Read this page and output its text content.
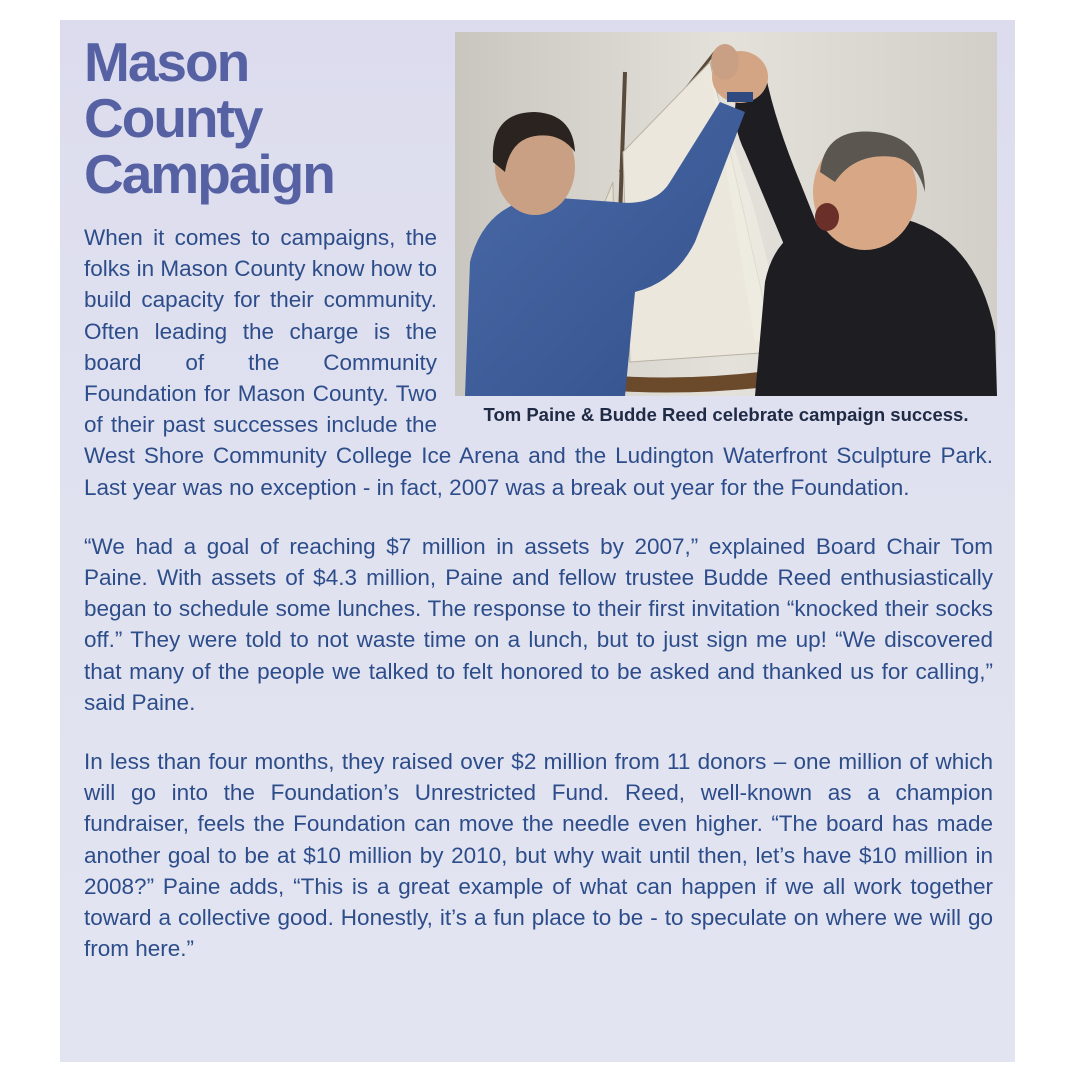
Tom Paine & Budde Reed celebrate campaign success.

Mason County
Campaign

When it comes to campaigns, the folks in Mason County know how to build capacity for their community. Often leading the charge is the board of the Community Foundation for Mason County. Two of their past successes include the West Shore Community College Ice Arena and the Ludington Waterfront Sculpture Park. Last year was no exception - in fact, 2007 was a break out year for the Foundation.

“We had a goal of reaching $7 million in assets by 2007,” explained Board Chair Tom Paine. With assets of $4.3 million, Paine and fellow trustee Budde Reed enthusiastically began to schedule some lunches. The response to their first invitation “knocked their socks off.” They were told to not waste time on a lunch, but to just sign me up! “We discovered that many of the people we talked to felt honored to be asked and thanked us for calling,” said Paine.

In less than four months, they raised over $2 million from 11 donors – one million of which will go into the Foundation’s Unrestricted Fund. Reed, well-known as a champion fundraiser, feels the Foundation can move the needle even higher. “The board has made another goal to be at $10 million by 2010, but why wait until then, let’s have $10 million in 2008?” Paine adds, “This is a great example of what can happen if we all work together toward a collective good. Honestly, it’s a fun place to be - to speculate on where we will go from here.”
